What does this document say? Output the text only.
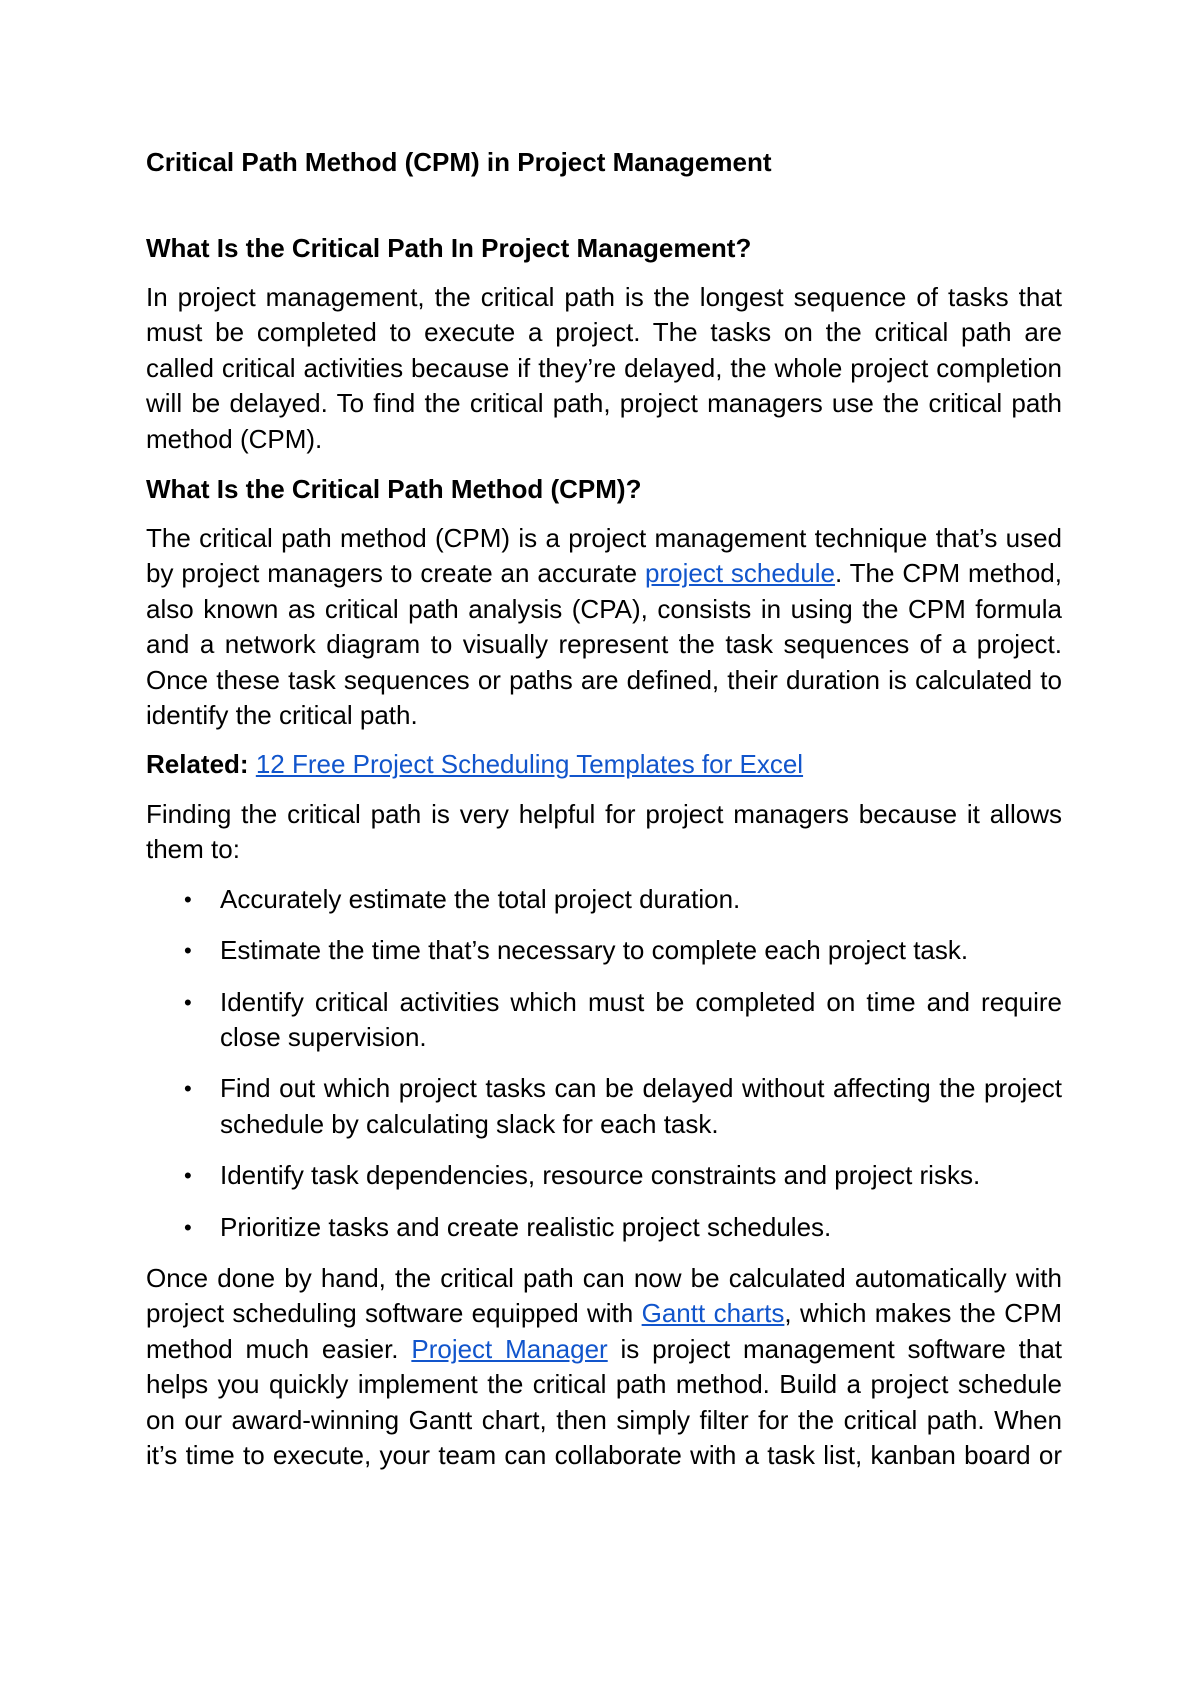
Critical Path Method (CPM) in Project Management
What Is the Critical Path In Project Management?

In project management, the critical path is the longest sequence of tasks that must be completed to execute a project. The tasks on the critical path are called critical activities because if they’re delayed, the whole project completion will be delayed. To find the critical path, project managers use the critical path method (CPM).

What Is the Critical Path Method (CPM)?

The critical path method (CPM) is a project management technique that’s used by project managers to create an accurate project schedule. The CPM method, also known as critical path analysis (CPA), consists in using the CPM formula and a network diagram to visually represent the task sequences of a project. Once these task sequences or paths are defined, their duration is calculated to identify the critical path.

Related: 12 Free Project Scheduling Templates for Excel

Finding the critical path is very helpful for project managers because it allows them to:

• Accurately estimate the total project duration.
• Estimate the time that’s necessary to complete each project task.
• Identify critical activities which must be completed on time and require close supervision.
• Find out which project tasks can be delayed without affecting the project schedule by calculating slack for each task.
• Identify task dependencies, resource constraints and project risks.
• Prioritize tasks and create realistic project schedules.

Once done by hand, the critical path can now be calculated automatically with project scheduling software equipped with Gantt charts, which makes the CPM method much easier. Project Manager is project management software that helps you quickly implement the critical path method. Build a project schedule on our award-winning Gantt chart, then simply filter for the critical path. When it’s time to execute, your team can collaborate with a task list, kanban board or
